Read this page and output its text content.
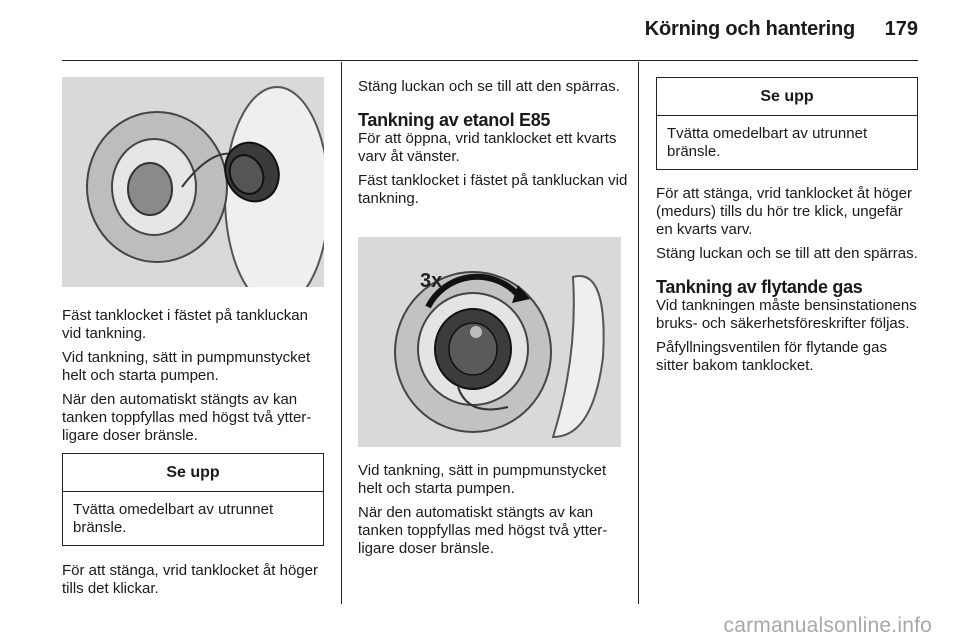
Körning och hantering 179

Fäst tanklocket i fästet på tankluckan vid tankning.

Vid tankning, sätt in pumpmunstycket helt och starta pumpen.

När den automatiskt stängts av kan tanken toppfyllas med högst två ytterligare doser bränsle.

Se upp
Tvätta omedelbart av utrunnet bränsle.

För att stänga, vrid tanklocket åt höger tills det klickar.

Stäng luckan och se till att den spärras.

Tankning av etanol E85

För att öppna, vrid tanklocket ett kvarts varv åt vänster.

Fäst tanklocket i fästet på tankluckan vid tankning.

3x

Vid tankning, sätt in pumpmunstycket helt och starta pumpen.

När den automatiskt stängts av kan tanken toppfyllas med högst två ytterligare doser bränsle.

Se upp
Tvätta omedelbart av utrunnet bränsle.

För att stänga, vrid tanklocket åt höger (medurs) tills du hör tre klick, ungefär en kvarts varv.

Stäng luckan och se till att den spärras.

Tankning av flytande gas

Vid tankningen måste bensinstationens bruks- och säkerhetsföreskrifter följas.

Påfyllningsventilen för flytande gas sitter bakom tanklocket.

carmanualsonline.info
